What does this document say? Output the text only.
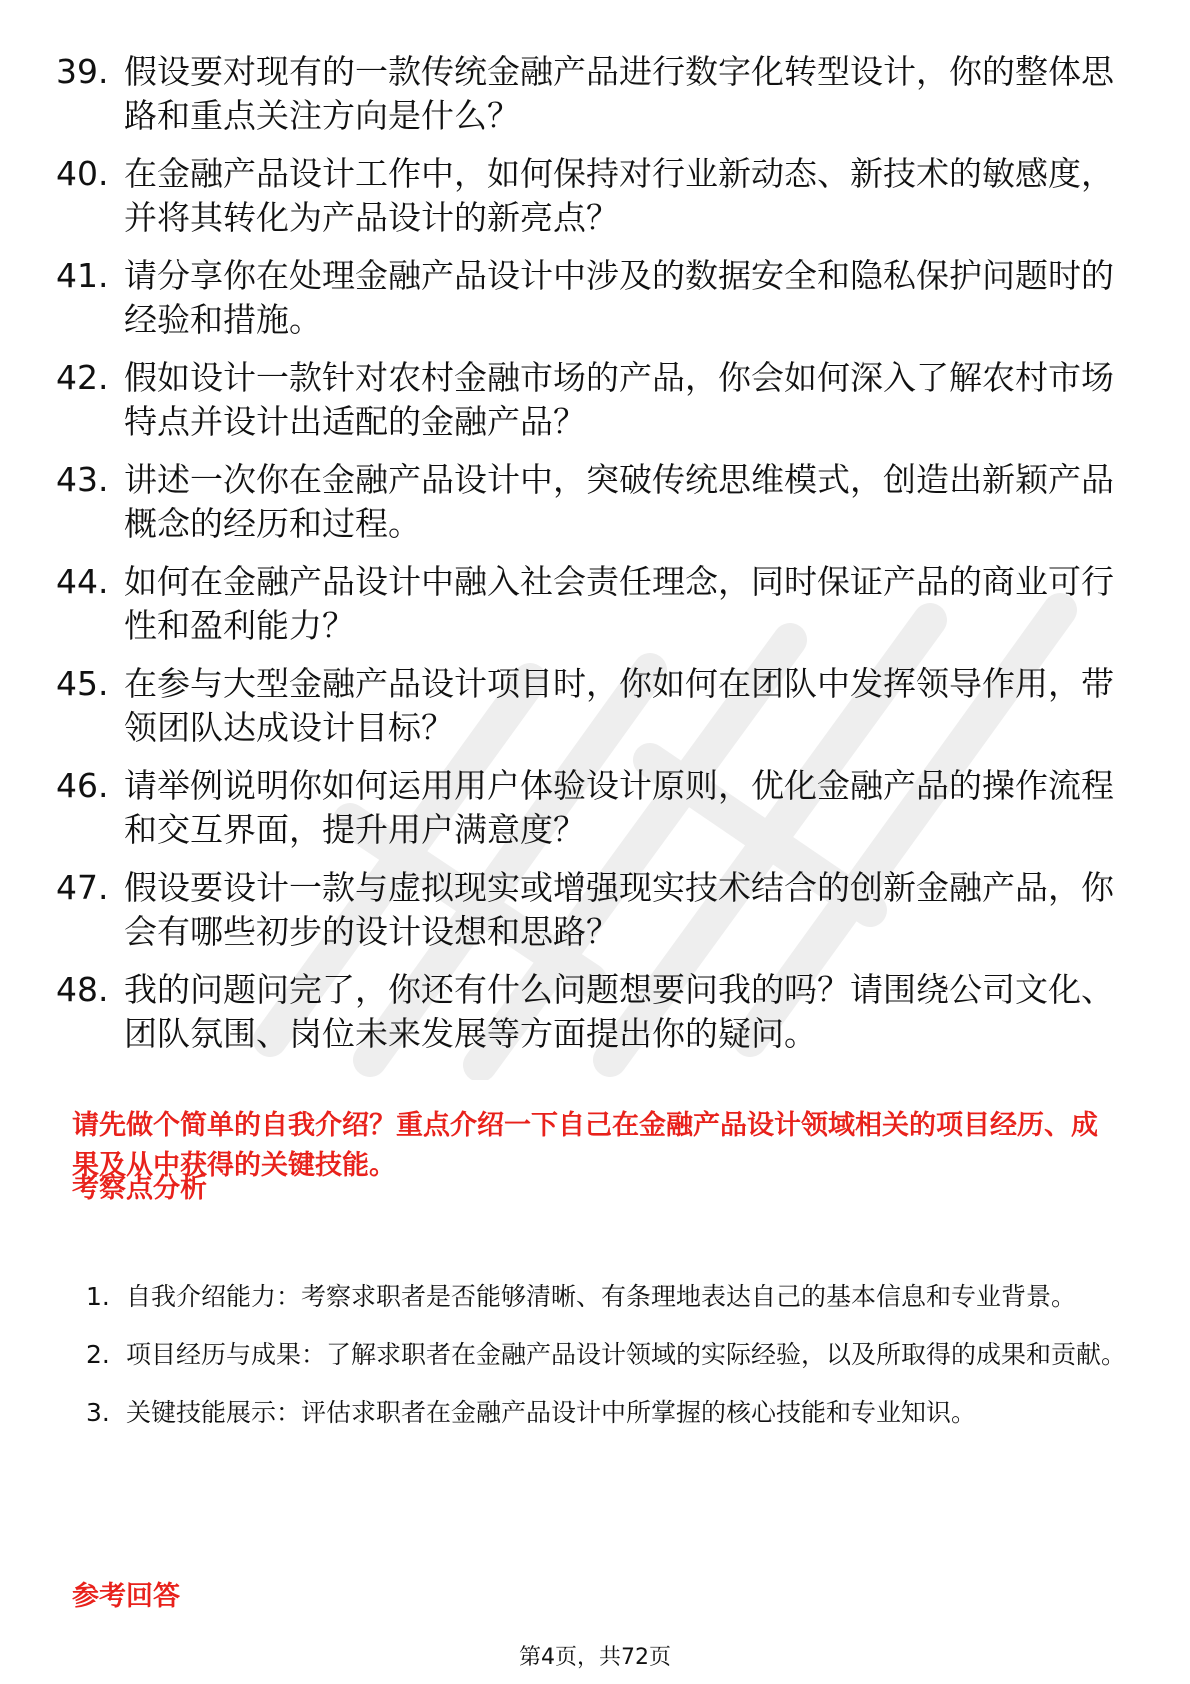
39. 假设要对现有的一款传统金融产品进行数字化转型设计，你的整体思路和重点关注方向是什么？
40. 在金融产品设计工作中，如何保持对行业新动态、新技术的敏感度，并将其转化为产品设计的新亮点？
41. 请分享你在处理金融产品设计中涉及的数据安全和隐私保护问题时的经验和措施。
42. 假如设计一款针对农村金融市场的产品，你会如何深入了解农村市场特点并设计出适配的金融产品？
43. 讲述一次你在金融产品设计中，突破传统思维模式，创造出新颖产品概念的经历和过程。
44. 如何在金融产品设计中融入社会责任理念，同时保证产品的商业可行性和盈利能力？
45. 在参与大型金融产品设计项目时，你如何在团队中发挥领导作用，带领团队达成设计目标？
46. 请举例说明你如何运用用户体验设计原则，优化金融产品的操作流程和交互界面，提升用户满意度？
47. 假设要设计一款与虚拟现实或增强现实技术结合的创新金融产品，你会有哪些初步的设计设想和思路？
48. 我的问题问完了，你还有什么问题想要问我的吗？请围绕公司文化、团队氛围、岗位未来发展等方面提出你的疑问。
请先做个简单的自我介绍？重点介绍一下自己在金融产品设计领域相关的项目经历、成果及从中获得的关键技能。
考察点分析
1. 自我介绍能力：考察求职者是否能够清晰、有条理地表达自己的基本信息和专业背景。
2. 项目经历与成果：了解求职者在金融产品设计领域的实际经验，以及所取得的成果和贡献。
3. 关键技能展示：评估求职者在金融产品设计中所掌握的核心技能和专业知识。
参考回答
第4页，共72页
